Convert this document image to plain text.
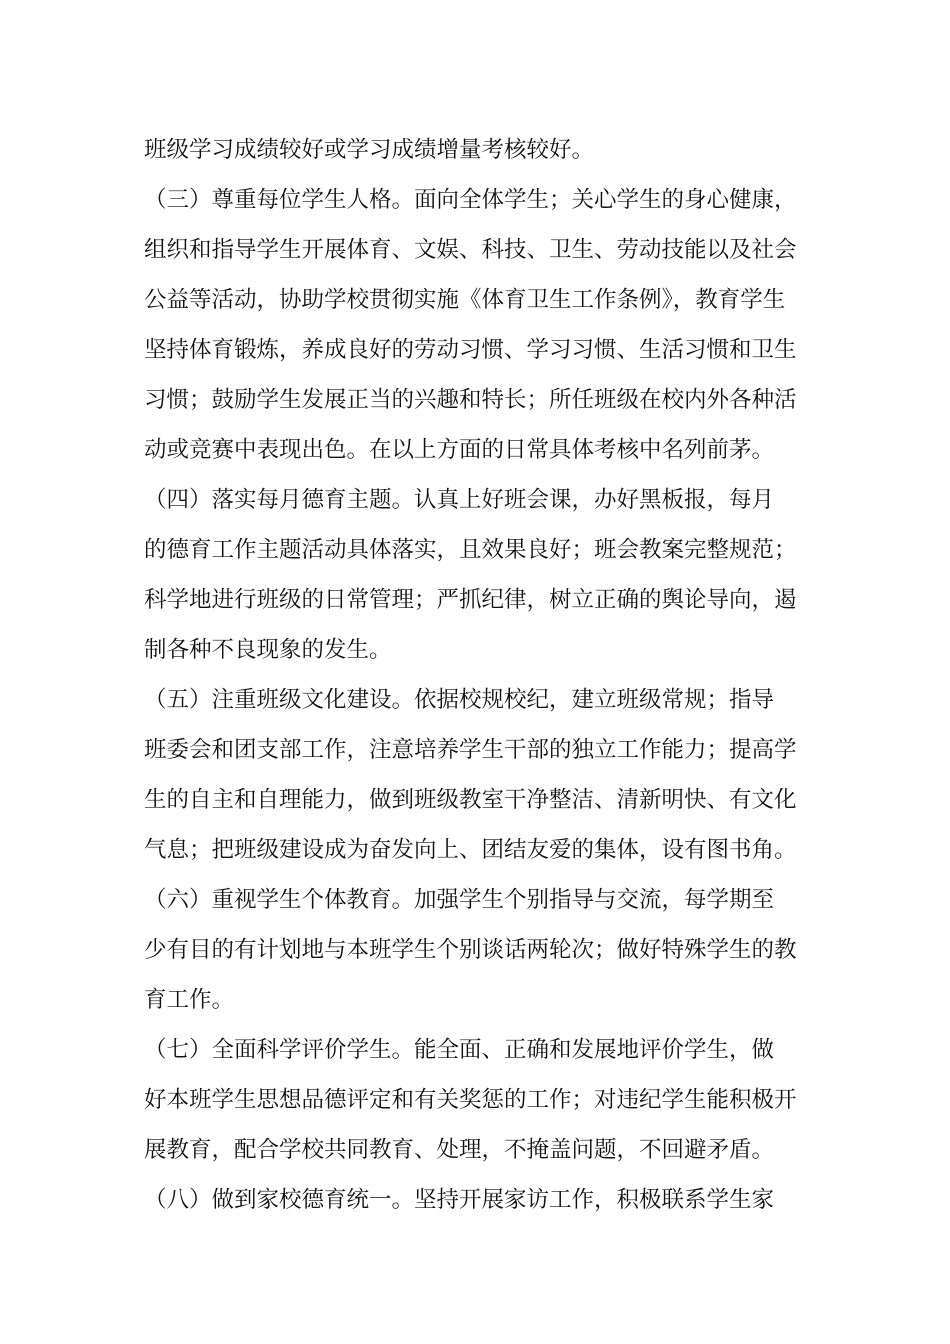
班级学习成绩较好或学习成绩增量考核较好。
（三）尊重每位学生人格。面向全体学生；关心学生的身心健康，
组织和指导学生开展体育、文娱、科技、卫生、劳动技能以及社会
公益等活动，协助学校贯彻实施《体育卫生工作条例》，教育学生
坚持体育锻炼，养成良好的劳动习惯、学习习惯、生活习惯和卫生
习惯；鼓励学生发展正当的兴趣和特长；所任班级在校内外各种活
动或竞赛中表现出色。在以上方面的日常具体考核中名列前茅。
（四）落实每月德育主题。认真上好班会课，办好黑板报，每月
的德育工作主题活动具体落实，且效果良好；班会教案完整规范；
科学地进行班级的日常管理；严抓纪律，树立正确的舆论导向，遏
制各种不良现象的发生。
（五）注重班级文化建设。依据校规校纪，建立班级常规；指导
班委会和团支部工作，注意培养学生干部的独立工作能力；提高学
生的自主和自理能力，做到班级教室干净整洁、清新明快、有文化
气息；把班级建设成为奋发向上、团结友爱的集体，设有图书角。
（六）重视学生个体教育。加强学生个别指导与交流，每学期至
少有目的有计划地与本班学生个别谈话两轮次；做好特殊学生的教
育工作。
（七）全面科学评价学生。能全面、正确和发展地评价学生，做
好本班学生思想品德评定和有关奖惩的工作；对违纪学生能积极开
展教育，配合学校共同教育、处理，不掩盖问题，不回避矛盾。
（八）做到家校德育统一。坚持开展家访工作，积极联系学生家
